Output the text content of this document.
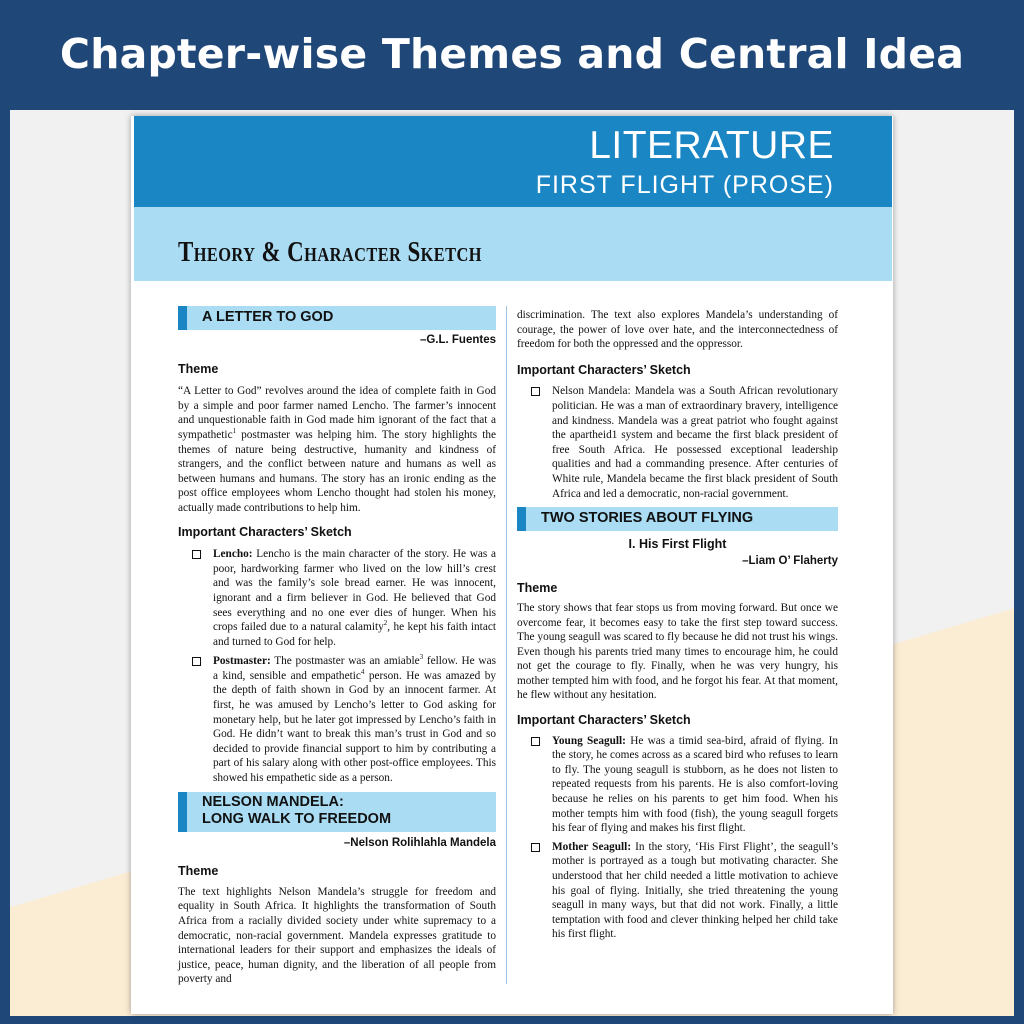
Chapter-wise Themes and Central Idea
LITERATURE
FIRST FLIGHT (PROSE)
Theory & Character Sketch
A LETTER TO GOD
–G.L. Fuentes
Theme

“A Letter to God” revolves around the idea of complete faith in God by a simple and poor farmer named Lencho. The farmer’s innocent and unquestionable faith in God made him ignorant of the fact that a sympathetic$^1$ postmaster was helping him. The story highlights the themes of nature being destructive, humanity and kindness of strangers, and the conflict between nature and humans as well as between humans and humans. The story has an ironic ending as the post office employees whom Lencho thought had stolen his money, actually made contributions to help him.

Important Characters’ Sketch
Lencho: Lencho is the main character of the story. He was a poor, hardworking farmer who lived on the low hill’s crest and was the family’s sole bread earner. He was innocent, ignorant and a firm believer in God. He believed that God sees everything and no one ever dies of hunger. When his crops failed due to a natural calamity$^2$, he kept his faith intact and turned to God for help.
Postmaster: The postmaster was an amiable$^3$ fellow. He was a kind, sensible and empathetic$^4$ person. He was amazed by the depth of faith shown in God by an innocent farmer. At first, he was amused by Lencho’s letter to God asking for monetary help, but he later got impressed by Lencho’s faith in God. He didn’t want to break this man’s trust in God and so decided to provide financial support to him by contributing a part of his salary along with other post-office employees. This showed his empathetic side as a person.
NELSON MANDELA:
LONG WALK TO FREEDOM
–Nelson Rolihlahla Mandela
Theme

The text highlights Nelson Mandela’s struggle for freedom and equality in South Africa. It highlights the transformation of South Africa from a racially divided society under white supremacy to a democratic, non-racial government. Mandela expresses gratitude to international leaders for their support and emphasizes the ideals of justice, peace, human dignity, and the liberation of all people from poverty and

discrimination. The text also explores Mandela’s understanding of courage, the power of love over hate, and the interconnectedness of freedom for both the oppressed and the oppressor.

Important Characters’ Sketch
Nelson Mandela: Mandela was a South African revolutionary politician. He was a man of extraordinary bravery, intelligence and kindness. Mandela was a great patriot who fought against the apartheid1 system and became the first black president of free South Africa. He possessed exceptional leadership qualities and had a commanding presence. After centuries of White rule, Mandela became the first black president of South Africa and led a democratic, non-racial government.
TWO STORIES ABOUT FLYING
I. His First Flight
–Liam O’ Flaherty
Theme

The story shows that fear stops us from moving forward. But once we overcome fear, it becomes easy to take the first step toward success. The young seagull was scared to fly because he did not trust his wings. Even though his parents tried many times to encourage him, he could not get the courage to fly. Finally, when he was very hungry, his mother tempted him with food, and he forgot his fear. At that moment, he flew without any hesitation.

Important Characters’ Sketch
Young Seagull: He was a timid sea-bird, afraid of flying. In the story, he comes across as a scared bird who refuses to learn to fly. The young seagull is stubborn, as he does not listen to repeated requests from his parents. He is also comfort-loving because he relies on his parents to get him food. When his mother tempts him with food (fish), the young seagull forgets his fear of flying and makes his first flight.
Mother Seagull: In the story, ‘His First Flight’, the seagull’s mother is portrayed as a tough but motivating character. She understood that her child needed a little motivation to achieve his goal of flying. Initially, she tried threatening the young seagull in many ways, but that did not work. Finally, a little temptation with food and clever thinking helped her child take his first flight.
